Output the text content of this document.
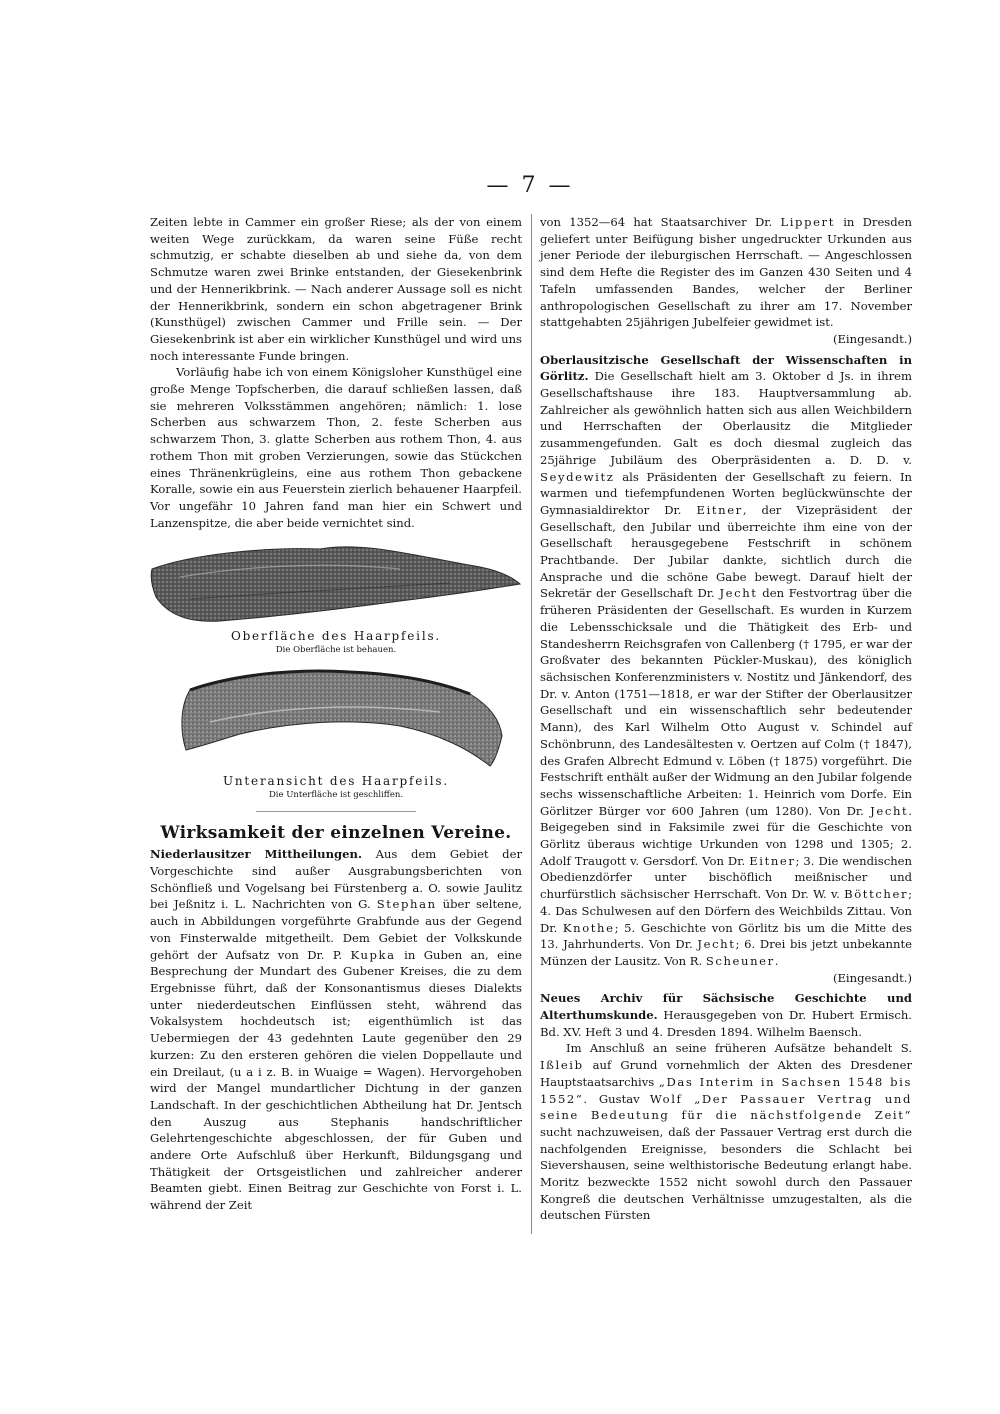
— 7 —

Zeiten lebte in Cammer ein großer Riese; als der von einem weiten Wege zurückkam, da waren seine Füße recht schmutzig, er schabte dieselben ab und siehe da, von dem Schmutze waren zwei Brinke entstanden, der Giesekenbrink und der Hennerikbrink. — Nach anderer Aussage soll es nicht der Hennerikbrink, sondern ein schon abgetragener Brink (Kunsthügel) zwischen Cammer und Frille sein. — Der Giesekenbrink ist aber ein wirklicher Kunsthügel und wird uns noch interessante Funde bringen.

Vorläufig habe ich von einem Königsloher Kunsthügel eine große Menge Topfscherben, die darauf schließen lassen, daß sie mehreren Volksstämmen angehören; nämlich: 1. lose Scherben aus schwarzem Thon, 2. feste Scherben aus schwarzem Thon, 3. glatte Scherben aus rothem Thon, 4. aus rothem Thon mit groben Verzierungen, sowie das Stückchen eines Thränenkrügleins, eine aus rothem Thon gebackene Koralle, sowie ein aus Feuerstein zierlich behauener Haarpfeil. Vor ungefähr 10 Jahren fand man hier ein Schwert und Lanzenspitze, die aber beide vernichtet sind.

Oberfläche des Haarpfeils.
Die Oberfläche ist behauen.
Unteransicht des Haarpfeils.
Die Unterfläche ist geschliffen.
Wirksamkeit der einzelnen Vereine.

Niederlausitzer Mittheilungen. Aus dem Gebiet der Vorgeschichte sind außer Ausgrabungsberichten von Schönfließ und Vogelsang bei Fürstenberg a. O. sowie Jaulitz bei Jeßnitz i. L. Nachrichten von G. Stephan über seltene, auch in Abbildungen vorgeführte Grabfunde aus der Gegend von Finsterwalde mitgetheilt. Dem Gebiet der Volkskunde gehört der Aufsatz von Dr. P. Kupka in Guben an, eine Besprechung der Mundart des Gubener Kreises, die zu dem Ergebnisse führt, daß der Konsonantismus dieses Dialekts unter niederdeutschen Einflüssen steht, während das Vokalsystem hochdeutsch ist; eigenthümlich ist das Uebermiegen der 43 gedehnten Laute gegenüber den 29 kurzen: Zu den ersteren gehören die vielen Doppellaute und ein Dreilaut, (u a i z. B. in Wuaige = Wagen). Hervorgehoben wird der Mangel mundartlicher Dichtung in der ganzen Landschaft. In der geschichtlichen Abtheilung hat Dr. Jentsch den Auszug aus Stephanis handschriftlicher Gelehrtengeschichte abgeschlossen, der für Guben und andere Orte Aufschluß über Herkunft, Bildungsgang und Thätigkeit der Ortsgeistlichen und zahlreicher anderer Beamten giebt. Einen Beitrag zur Geschichte von Forst i. L. während der Zeit

von 1352—64 hat Staatsarchiver Dr. Lippert in Dresden geliefert unter Beifügung bisher ungedruckter Urkunden aus jener Periode der ileburgischen Herrschaft. — Angeschlossen sind dem Hefte die Register des im Ganzen 430 Seiten und 4 Tafeln umfassenden Bandes, welcher der Berliner anthropologischen Gesellschaft zu ihrer am 17. November stattgehabten 25jährigen Jubelfeier gewidmet ist.

(Eingesandt.)

Oberlausitzische Gesellschaft der Wissenschaften in Görlitz. Die Gesellschaft hielt am 3. Oktober d Js. in ihrem Gesellschaftshause ihre 183. Hauptversammlung ab. Zahlreicher als gewöhnlich hatten sich aus allen Weichbildern und Herrschaften der Oberlausitz die Mitglieder zusammengefunden. Galt es doch diesmal zugleich das 25jährige Jubiläum des Oberpräsidenten a. D. D. v. Seydewitz als Präsidenten der Gesellschaft zu feiern. In warmen und tiefempfundenen Worten beglückwünschte der Gymnasialdirektor Dr. Eitner, der Vizepräsident der Gesellschaft, den Jubilar und überreichte ihm eine von der Gesellschaft herausgegebene Festschrift in schönem Prachtbande. Der Jubilar dankte, sichtlich durch die Ansprache und die schöne Gabe bewegt. Darauf hielt der Sekretär der Gesellschaft Dr. Jecht den Festvortrag über die früheren Präsidenten der Gesellschaft. Es wurden in Kurzem die Lebensschicksale und die Thätigkeit des Erb- und Standesherrn Reichsgrafen von Callenberg († 1795, er war der Großvater des bekannten Pückler-Muskau), des königlich sächsischen Konferenzministers v. Nostitz und Jänkendorf, des Dr. v. Anton (1751—1818, er war der Stifter der Oberlausitzer Gesellschaft und ein wissenschaftlich sehr bedeutender Mann), des Karl Wilhelm Otto August v. Schindel auf Schönbrunn, des Landesältesten v. Oertzen auf Colm († 1847), des Grafen Albrecht Edmund v. Löben († 1875) vorgeführt. Die Festschrift enthält außer der Widmung an den Jubilar folgende sechs wissenschaftliche Arbeiten: 1. Heinrich vom Dorfe. Ein Görlitzer Bürger vor 600 Jahren (um 1280). Von Dr. Jecht. Beigegeben sind in Faksimile zwei für die Geschichte von Görlitz überaus wichtige Urkunden von 1298 und 1305; 2. Adolf Traugott v. Gersdorf. Von Dr. Eitner; 3. Die wendischen Obedienzdörfer unter bischöflich meißnischer und churfürstlich sächsischer Herrschaft. Von Dr. W. v. Böttcher; 4. Das Schulwesen auf den Dörfern des Weichbilds Zittau. Von Dr. Knothe; 5. Geschichte von Görlitz bis um die Mitte des 13. Jahrhunderts. Von Dr. Jecht; 6. Drei bis jetzt unbekannte Münzen der Lausitz. Von R. Scheuner.

(Eingesandt.)

Neues Archiv für Sächsische Geschichte und Alterthumskunde. Herausgegeben von Dr. Hubert Ermisch. Bd. XV. Heft 3 und 4. Dresden 1894. Wilhelm Baensch.

Im Anschluß an seine früheren Aufsätze behandelt S. Ißleib auf Grund vornehmlich der Akten des Dresdener Hauptstaatsarchivs „Das Interim in Sachsen 1548 bis 1552“. Gustav Wolf „Der Passauer Vertrag und seine Bedeutung für die nächstfolgende Zeit“ sucht nachzuweisen, daß der Passauer Vertrag erst durch die nachfolgenden Ereignisse, besonders die Schlacht bei Sievershausen, seine welthistorische Bedeutung erlangt habe. Moritz bezweckte 1552 nicht sowohl durch den Passauer Kongreß die deutschen Verhältnisse umzugestalten, als die deutschen Fürsten
